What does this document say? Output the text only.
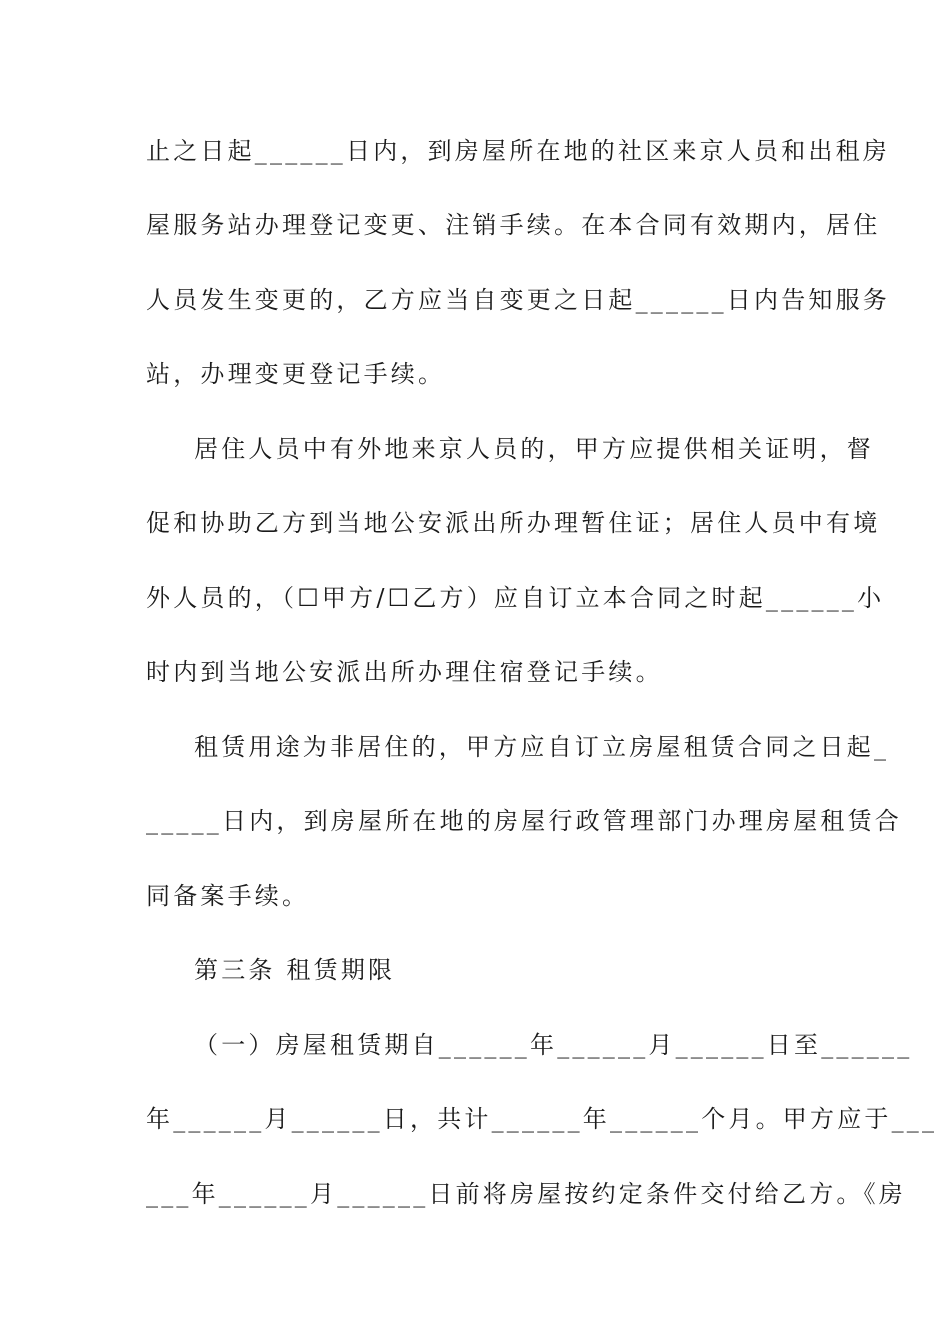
止之日起______日内，到房屋所在地的社区来京人员和出租房
屋服务站办理登记变更、注销手续。在本合同有效期内，居住
人员发生变更的，乙方应当自变更之日起______日内告知服务
站，办理变更登记手续。
居住人员中有外地来京人员的，甲方应提供相关证明，督
促和协助乙方到当地公安派出所办理暂住证；居住人员中有境
外人员的，（☐甲方/☐乙方）应自订立本合同之时起______小
时内到当地公安派出所办理住宿登记手续。
租赁用途为非居住的，甲方应自订立房屋租赁合同之日起_
_____日内，到房屋所在地的房屋行政管理部门办理房屋租赁合
同备案手续。
第三条 租赁期限
（一）房屋租赁期自______年______月______日至______
年______月______日，共计______年______个月。甲方应于___
___年______月______日前将房屋按约定条件交付给乙方。《房
